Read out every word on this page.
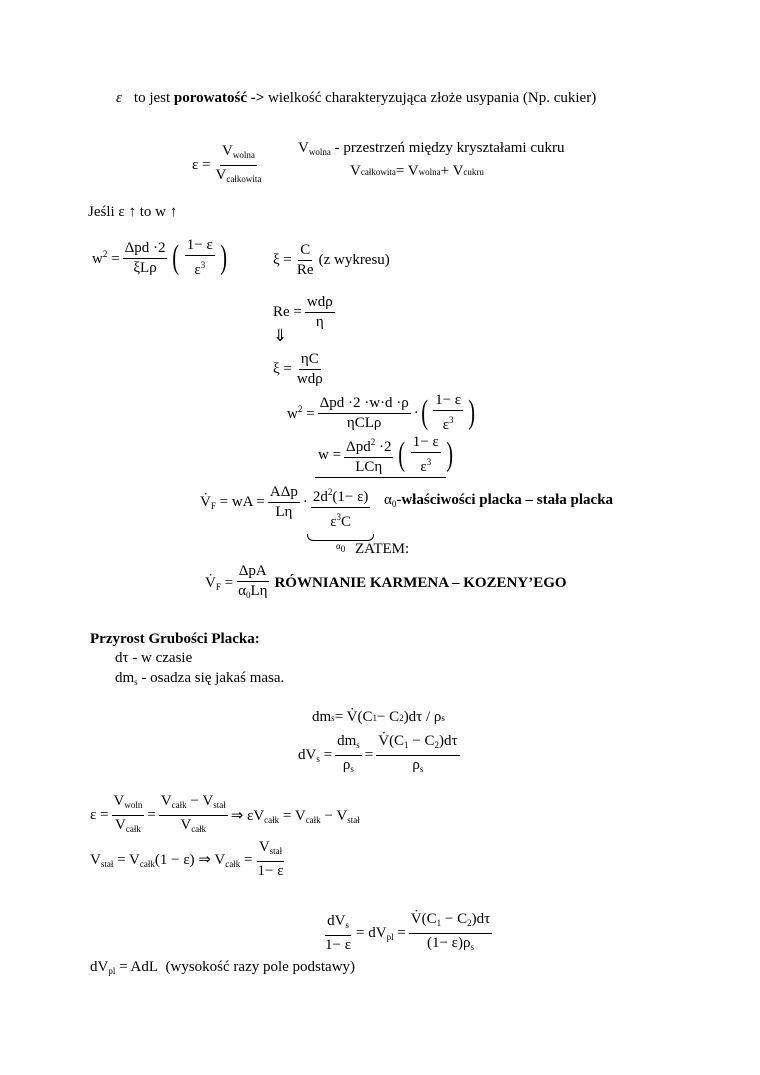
ε to jest
porowatość ->
wielkość charakteryzująca złoże usypania (Np. cukier)
$\varepsilon = \frac{V_{wolna}}{V_{całkowita}} V_{wolna}$
- przestrzeń między kryształami cukru
V całkowita = V wolna + V cukru
Jeśli ε ↑ to w ↑
$w^2 = \frac{\text{Δpd ·2}}{\text{ξLρ}}$ ( $\frac{1- \varepsilon}{\varepsilon^3}$ )	$\xi = \frac{C}{Re} (z$ wykresu)
$Re = \frac{\text{wdρ}}{\eta}$
⇓
$\xi = \frac{\eta C}{\text{wdρ}}$
$w^2 = \frac{\text{Δpd ·2 ·w·d ·ρ}}{\text{ηCLρ}}$ · ( $\frac{1- \varepsilon}{\varepsilon^3}$ )
$w = \frac{\Delta pd^2 \cdot 2}{\text{LCη}}$ ( $\frac{1- \varepsilon}{\varepsilon^3}$ )
$V̇_F$ = wA = $\frac{\text{AΔp}}{L\eta} \cdot \frac{2d^2(1- \varepsilon)}{\varepsilon^3C}$
$\alpha_0$
$\alpha_0$ -właściwości placka – stała placka
ZATEM:
$V̇_F = \frac{\text{ΔpA}}{\alpha_0L\eta}$ RÓWNIANIE KARMENA – KOZENY’EGO
Przyrost Grubości Placka:
dτ
- w czasie
$dm_s$
- osadza się jakaś masa.
dm s = V̇(C 1 − C 2 )dτ / ρ s
$dV_s = \frac{dm_s}{\rho_s} = \frac{V̇(C_1 - C_2)d\tau}{\rho_s}$
$\varepsilon = \frac{V_{woln}}{V_{całk}} = \frac{V_{całk} - V_{stał}}{V_{całk}}$ ⇒ $\varepsilon V_{całk} = V_{całk} - V_{stał}$
$V_{stał} = V_{całk}(1 - \varepsilon)$ ⇒ $V_{całk} = \frac{V_{stał}}{1- \varepsilon}$
$\frac{dV_s}{1- \varepsilon} = dV_{pl} = \frac{V̇(C_1 - C_2)d\tau}{(1- \varepsilon)\rho_s}$
$dV_{pl}$ = AdL
(wysokość razy pole podstawy)
